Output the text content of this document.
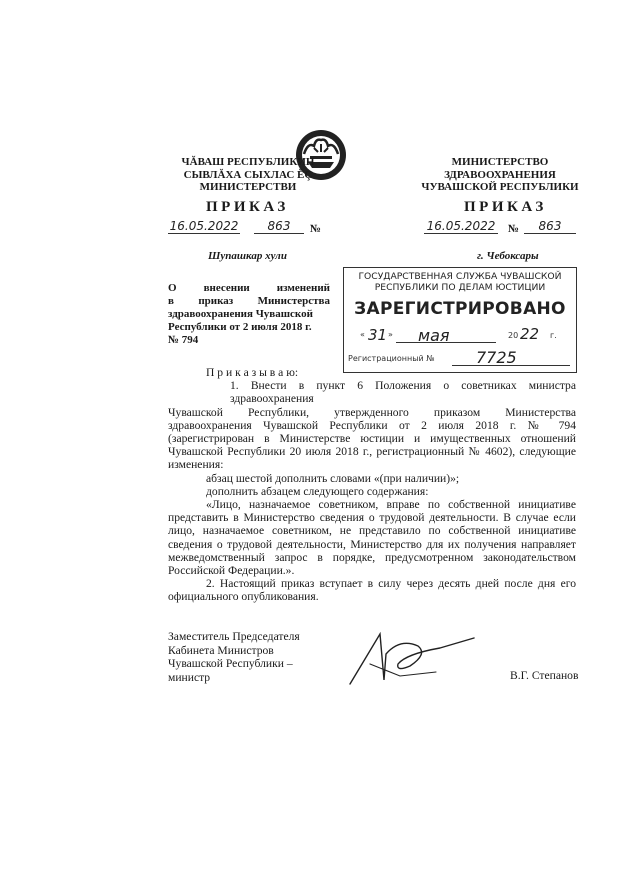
ЧĂВАШ РЕСПУБЛИКИН
СЫВЛĂХА СЫХЛАС ĔÇ
МИНИСТЕРСТВИ
ПРИКАЗ
16.05.2022	863	№
Шупашкар хули
МИНИСТЕРСТВО
ЗДРАВООХРАНЕНИЯ
ЧУВАШСКОЙ РЕСПУБЛИКИ
ПРИКАЗ
16.05.2022 №	863
г. Чебоксары
О внесении изменений
в приказ Министерства
здравоохранения Чувашской
Республики от 2 июля 2018 г.
№ 794
ГОСУДАРСТВЕННАЯ СЛУЖБА ЧУВАШСКОЙ
РЕСПУБЛИКИ ПО ДЕЛАМ ЮСТИЦИИ
ЗАРЕГИСТРИРОВАНО
« 31 » мая	20 22 г.
Регистрационный №	7725
П р и к а з ы в а ю:
1. Внести в пункт 6 Положения о советниках министра здравоохранения
Чувашской Республики, утвержденного приказом Министерства
здравоохранения Чувашской Республики от 2 июля 2018 г. № 794
(зарегистрирован в Министерстве юстиции и имущественных отношений
Чувашской Республики 20 июля 2018 г., регистрационный № 4602), следующие
изменения:
абзац шестой дополнить словами «(при наличии)»;
дополнить абзацем следующего содержания:
«Лицо, назначаемое советником, вправе по собственной инициативе
представить в Министерство сведения о трудовой деятельности. В случае если
лицо, назначаемое советником, не представило по собственной инициативе
сведения о трудовой деятельности, Министерство для их получения направляет
межведомственный запрос в порядке, предусмотренном законодательством
Российской Федерации.».
2. Настоящий приказ вступает в силу через десять дней после дня его
официального опубликования.
Заместитель Председателя
Кабинета Министров
Чувашской Республики –
министр	В.Г. Степанов
